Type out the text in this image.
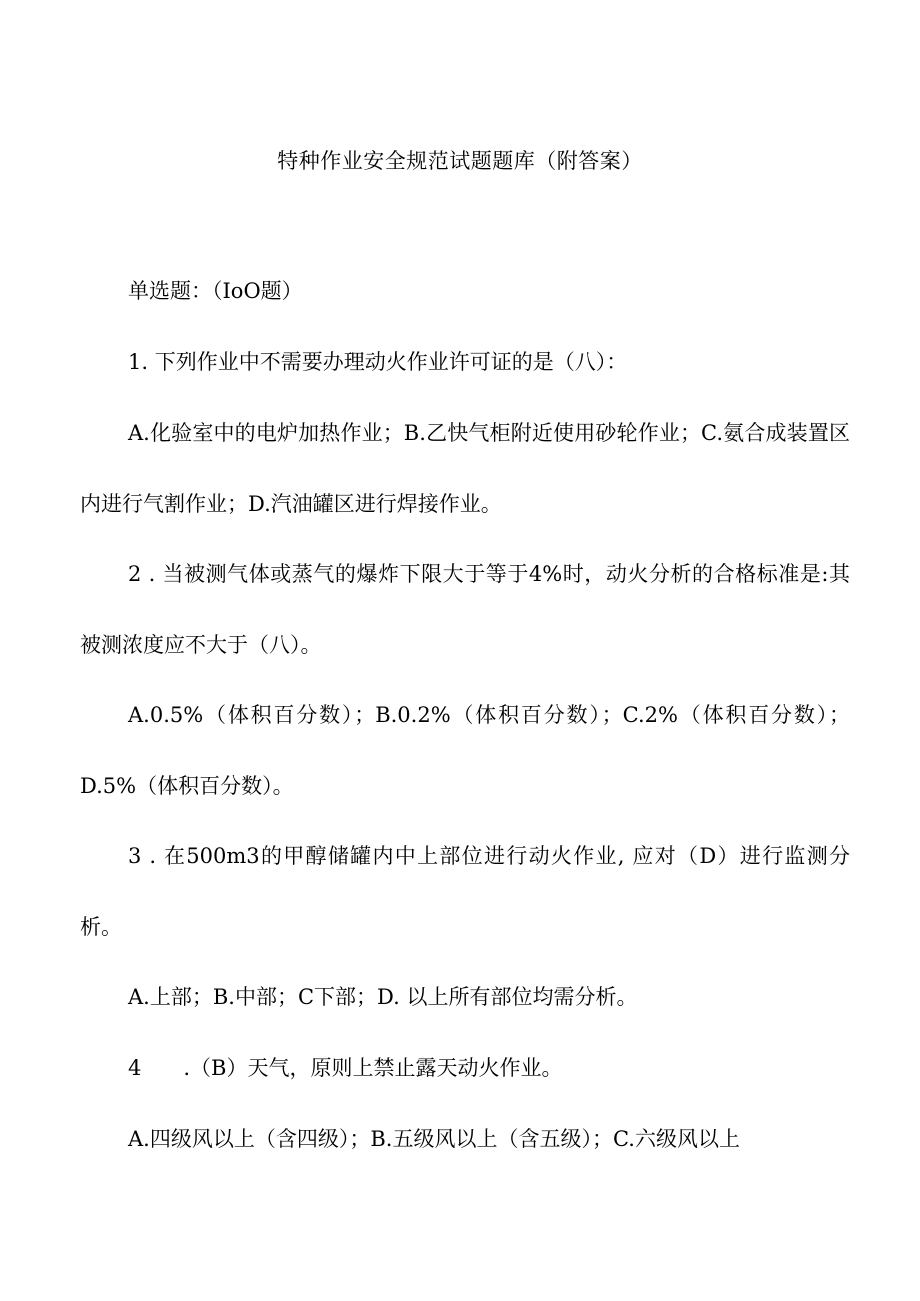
特种作业安全规范试题题库（附答案）

单选题：（IoO题）

1. 下列作业中不需要办理动火作业许可证的是（八）：

A.化验室中的电炉加热作业；B.乙快气柜附近使用砂轮作业；C.氨合成装置区内进行气割作业；D.汽油罐区进行焊接作业。

2 . 当被测气体或蒸气的爆炸下限大于等于4%时，动火分析的合格标准是:其被测浓度应不大于（八）。

A.0.5%（体积百分数）；B.0.2%（体积百分数）；C.2%（体积百分数）；D.5%（体积百分数）。

3 . 在500m3的甲醇储罐内中上部位进行动火作业, 应对（D）进行监测分析。

A.上部；B.中部；C下部；D. 以上所有部位均需分析。

4　　.（B）天气，原则上禁止露天动火作业。

A.四级风以上（含四级）；B.五级风以上（含五级）；C.六级风以上
